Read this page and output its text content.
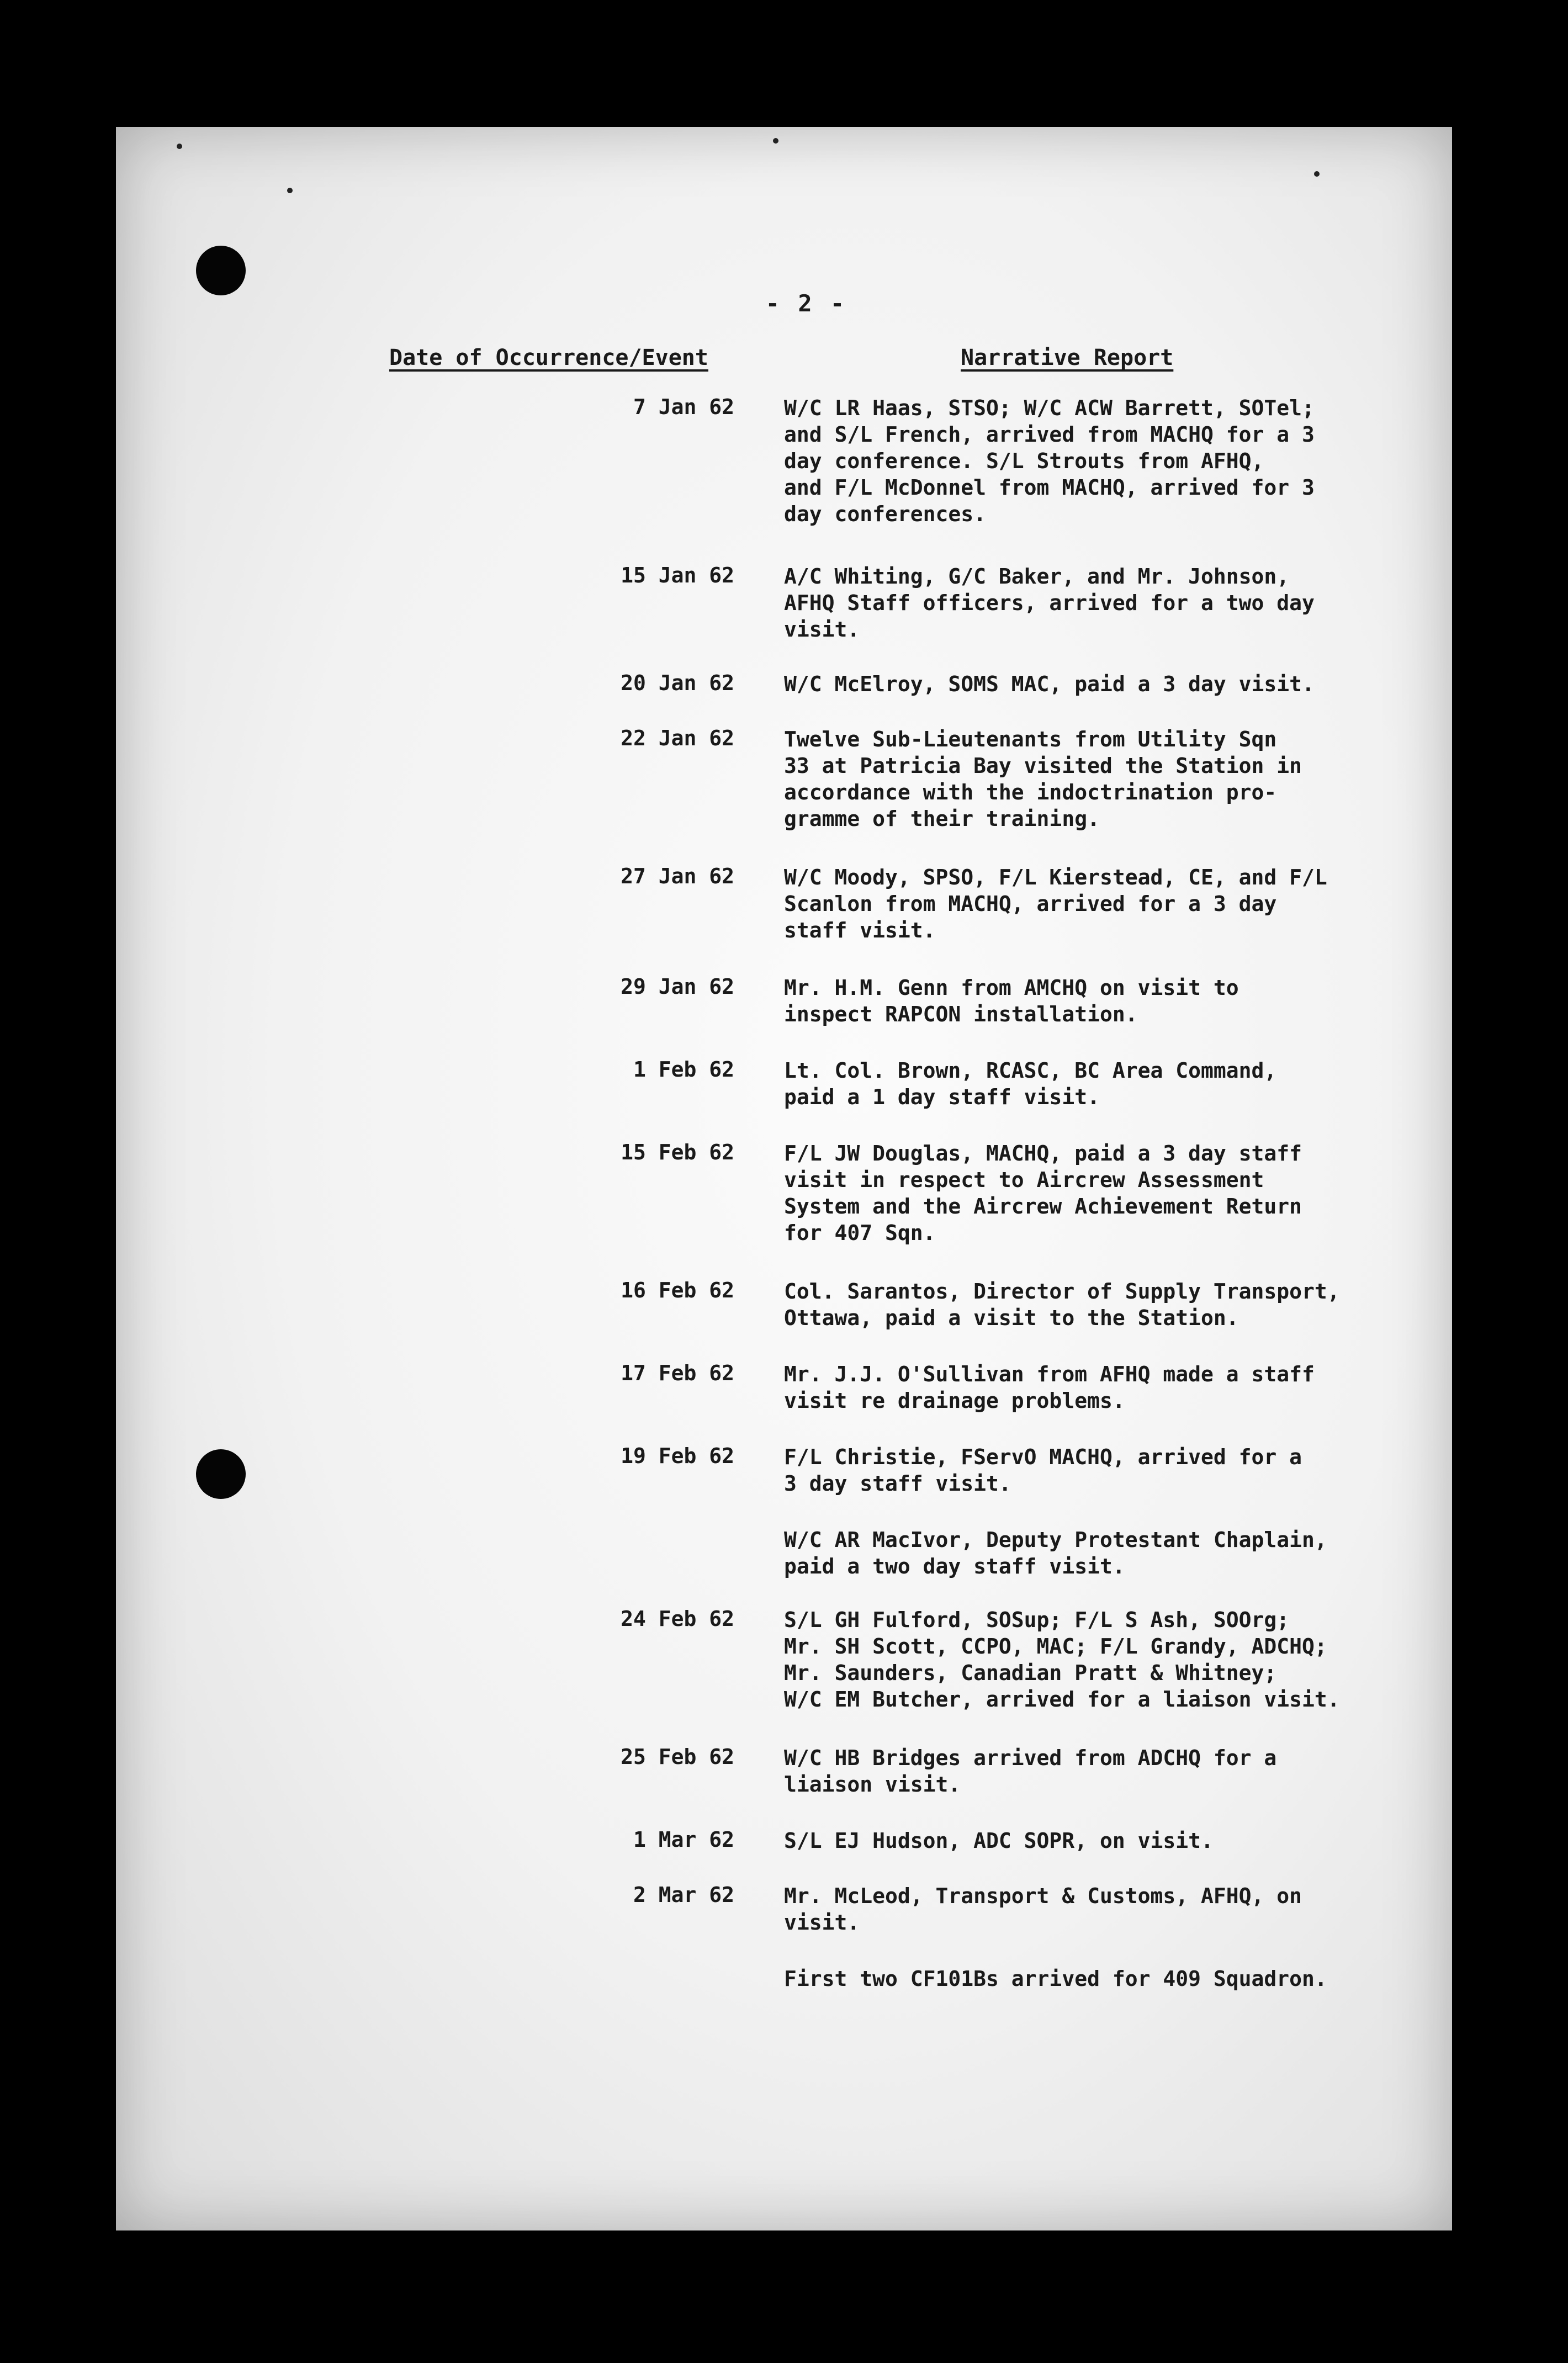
- 2 -
Date of Occurrence/Event	Narrative Report
7 Jan 62 W/C LR Haas, STSO; W/C ACW Barrett, SOTel;
and S/L French, arrived from MACHQ for a 3
day conference. S/L Strouts from AFHQ,
and F/L McDonnel from MACHQ, arrived for 3
day conferences.
15 Jan 62 A/C Whiting, G/C Baker, and Mr. Johnson,
AFHQ Staff officers, arrived for a two day
visit.
20 Jan 62 W/C McElroy, SOMS MAC, paid a 3 day visit.
22 Jan 62 Twelve Sub-Lieutenants from Utility Sqn
33 at Patricia Bay visited the Station in
accordance with the indoctrination pro-
gramme of their training.
27 Jan 62 W/C Moody, SPSO, F/L Kierstead, CE, and F/L
Scanlon from MACHQ, arrived for a 3 day
staff visit.
29 Jan 62 Mr. H.M. Genn from AMCHQ on visit to
inspect RAPCON installation.
1 Feb 62 Lt. Col. Brown, RCASC, BC Area Command,
paid a 1 day staff visit.
15 Feb 62 F/L JW Douglas, MACHQ, paid a 3 day staff
visit in respect to Aircrew Assessment
System and the Aircrew Achievement Return
for 407 Sqn.
16 Feb 62 Col. Sarantos, Director of Supply Transport,
Ottawa, paid a visit to the Station.
17 Feb 62 Mr. J.J. O'Sullivan from AFHQ made a staff
visit re drainage problems.
19 Feb 62 F/L Christie, FServO MACHQ, arrived for a
3 day staff visit.
W/C AR MacIvor, Deputy Protestant Chaplain,
paid a two day staff visit.
24 Feb 62 S/L GH Fulford, SOSup; F/L S Ash, SOOrg;
Mr. SH Scott, CCPO, MAC; F/L Grandy, ADCHQ;
Mr. Saunders, Canadian Pratt & Whitney;
W/C EM Butcher, arrived for a liaison visit.
25 Feb 62 W/C HB Bridges arrived from ADCHQ for a
liaison visit.
1 Mar 62 S/L EJ Hudson, ADC SOPR, on visit.
2 Mar 62 Mr. McLeod, Transport & Customs, AFHQ, on
visit.
First two CF101Bs arrived for 409 Squadron.
